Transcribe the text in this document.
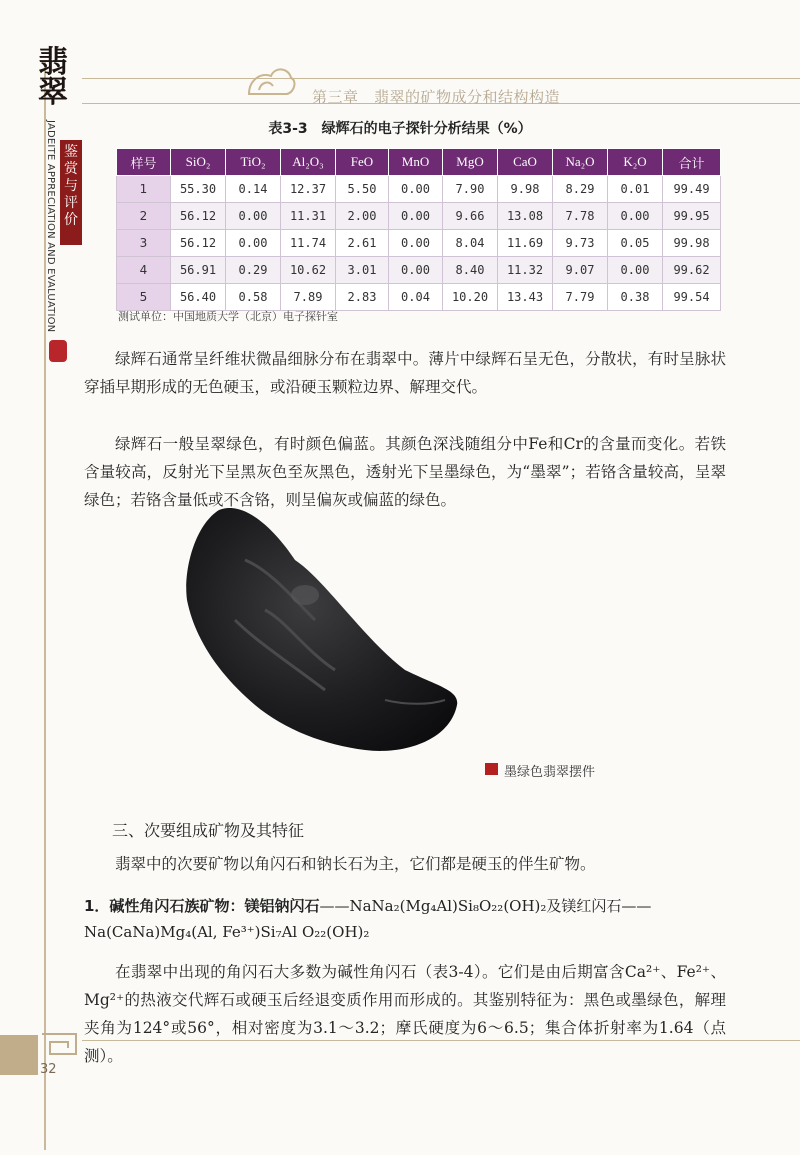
翡翠
鉴赏与评价
JADEITE APPRECIATION AND EVALUATION
第三章　翡翠的矿物成分和结构构造
表3-3　绿辉石的电子探针分析结果（%）
样号	SiO₂	TiO₂	Al₂O₃	FeO	MnO	MgO	CaO	Na₂O	K₂O	合计
1	55.30	0.14	12.37	5.50	0.00	7.90	9.98	8.29	0.01	99.49
2	56.12	0.00	11.31	2.00	0.00	9.66	13.08	7.78	0.00	99.95
3	56.12	0.00	11.74	2.61	0.00	8.04	11.69	9.73	0.05	99.98
4	56.91	0.29	10.62	3.01	0.00	8.40	11.32	9.07	0.00	99.62
5	56.40	0.58	7.89	2.83	0.04	10.20	13.43	7.79	0.38	99.54
测试单位：中国地质大学（北京）电子探针室
绿辉石通常呈纤维状微晶细脉分布在翡翠中。薄片中绿辉石呈无色，分散状，有时呈脉状穿插早期形成的无色硬玉，或沿硬玉颗粒边界、解理交代。
绿辉石一般呈翠绿色，有时颜色偏蓝。其颜色深浅随组分中Fe和Cr的含量而变化。若铁含量较高，反射光下呈黑灰色至灰黑色，透射光下呈墨绿色，为“墨翠”；若铬含量较高，呈翠绿色；若铬含量低或不含铬，则呈偏灰或偏蓝的绿色。
墨绿色翡翠摆件
三、次要组成矿物及其特征
翡翠中的次要矿物以角闪石和钠长石为主，它们都是硬玉的伴生矿物。
1．碱性角闪石族矿物：镁铝钠闪石——NaNa₂(Mg₄Al)Si₈O₂₂(OH)₂及镁红闪石——Na(CaNa)Mg₄(Al, Fe³⁺)Si₇Al O₂₂(OH)₂
在翡翠中出现的角闪石大多数为碱性角闪石（表3-4）。它们是由后期富含Ca²⁺、Fe²⁺、Mg²⁺的热液交代辉石或硬玉后经退变质作用而形成的。其鉴别特征为：黑色或墨绿色，解理夹角为124°或56°，相对密度为3.1～3.2；摩氏硬度为6～6.5；集合体折射率为1.64（点测）。
32
